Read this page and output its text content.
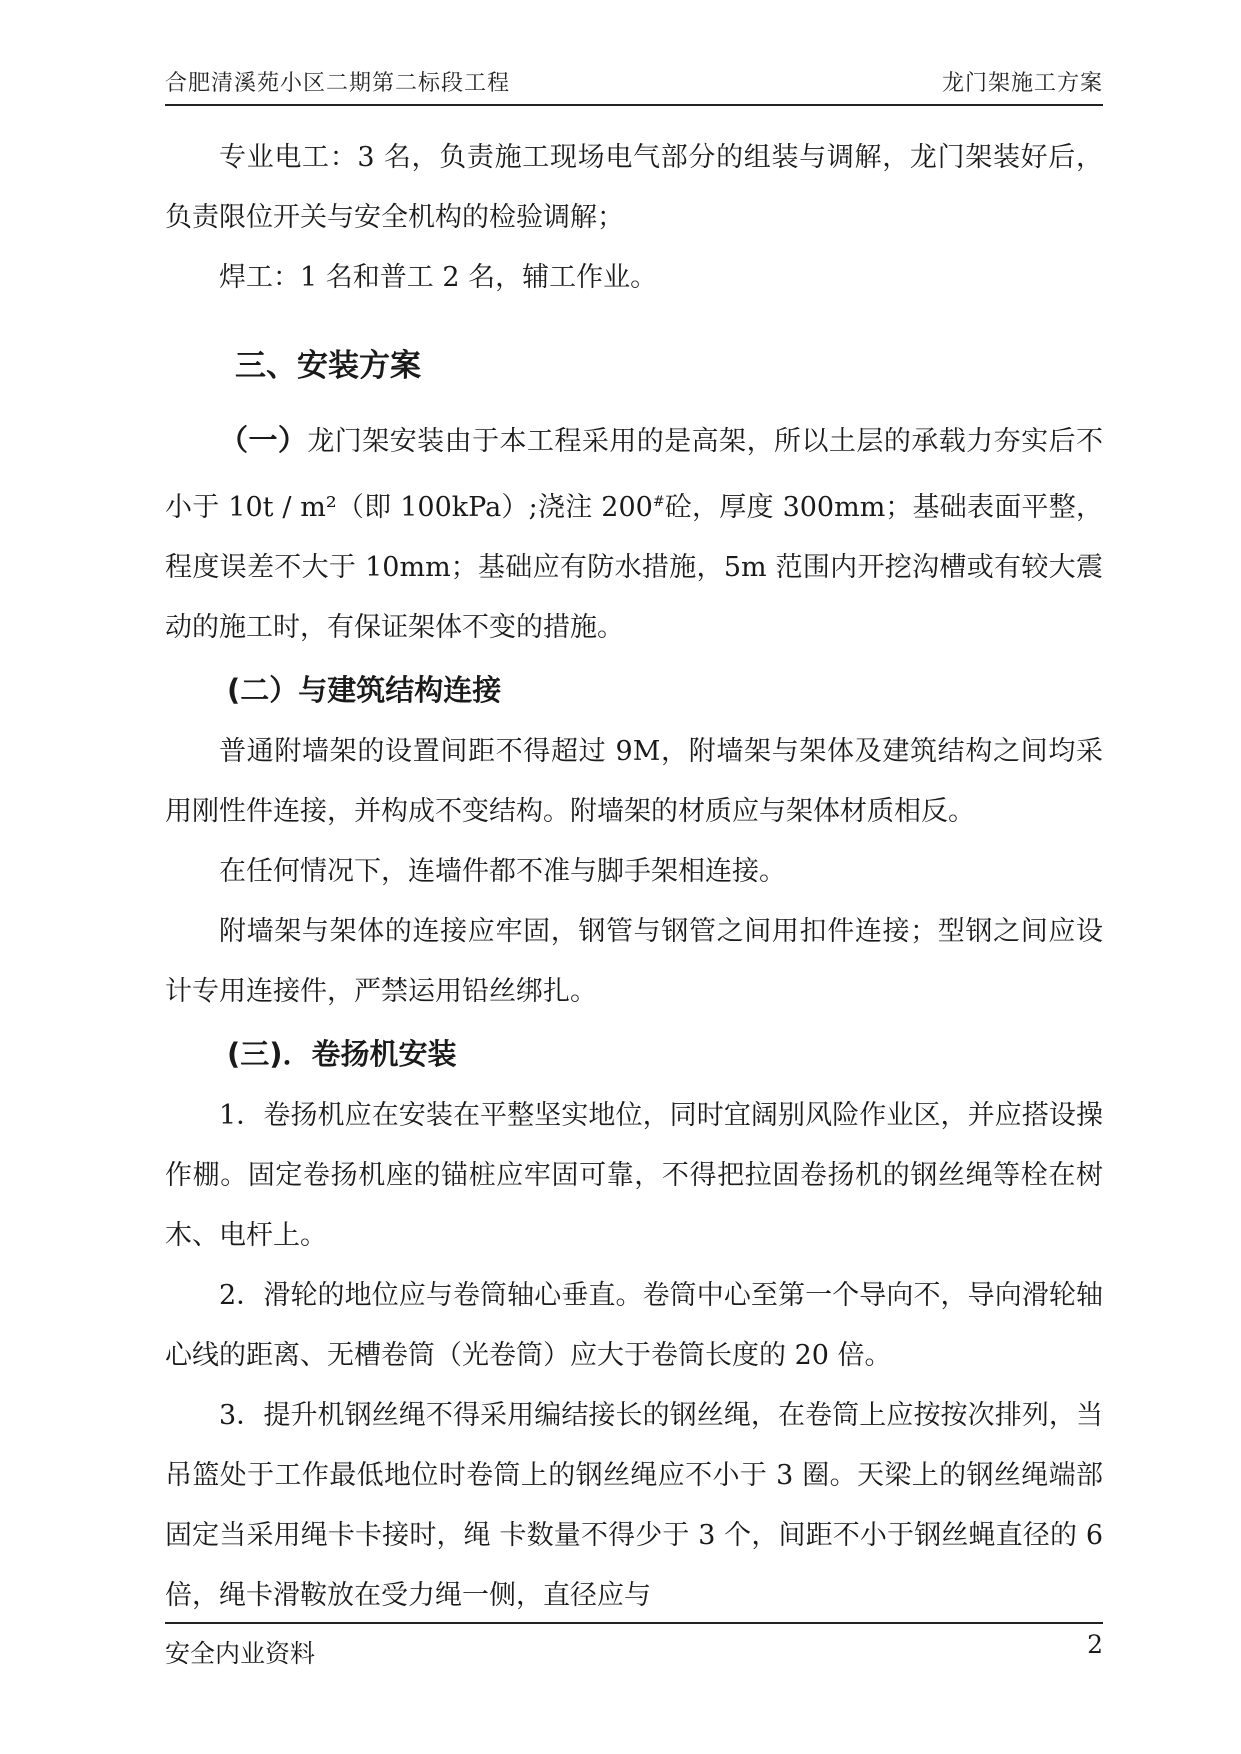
合肥清溪苑小区二期第二标段工程	龙门架施工方案

专业电工：3 名，负责施工现场电气部分的组装与调解，龙门架装好后，负责限位开关与安全机构的检验调解；

焊工：1 名和普工 2 名，辅工作业。

三、安装方案

（一）龙门架安装由于本工程采用的是高架，所以土层的承载力夯实后不小于 10t / m²（即 100kPa）;浇注 200#砼，厚度 300mm；基础表面平整，程度误差不大于 10mm；基础应有防水措施，5m 范围内开挖沟槽或有较大震动的施工时，有保证架体不变的措施。

(二）与建筑结构连接

普通附墙架的设置间距不得超过 9M，附墙架与架体及建筑结构之间均采用刚性件连接，并构成不变结构。附墙架的材质应与架体材质相反。

在任何情况下，连墙件都不准与脚手架相连接。

附墙架与架体的连接应牢固，钢管与钢管之间用扣件连接；型钢之间应设计专用连接件，严禁运用铅丝绑扎。

(三)．卷扬机安装

1．卷扬机应在安装在平整坚实地位，同时宜阔别风险作业区，并应搭设操作棚。固定卷扬机座的锚桩应牢固可靠，不得把拉固卷扬机的钢丝绳等栓在树木、电杆上。

2．滑轮的地位应与卷筒轴心垂直。卷筒中心至第一个导向不，导向滑轮轴心线的距离、无槽卷筒（光卷筒）应大于卷筒长度的 20 倍。

3．提升机钢丝绳不得采用编结接长的钢丝绳，在卷筒上应按按次排列，当吊篮处于工作最低地位时卷筒上的钢丝绳应不小于 3 圈。天梁上的钢丝绳端部固定当采用绳卡卡接时，绳 卡数量不得少于 3 个，间距不小于钢丝蝇直径的 6 倍，绳卡滑鞍放在受力绳一侧，直径应与

安全内业资料	2
